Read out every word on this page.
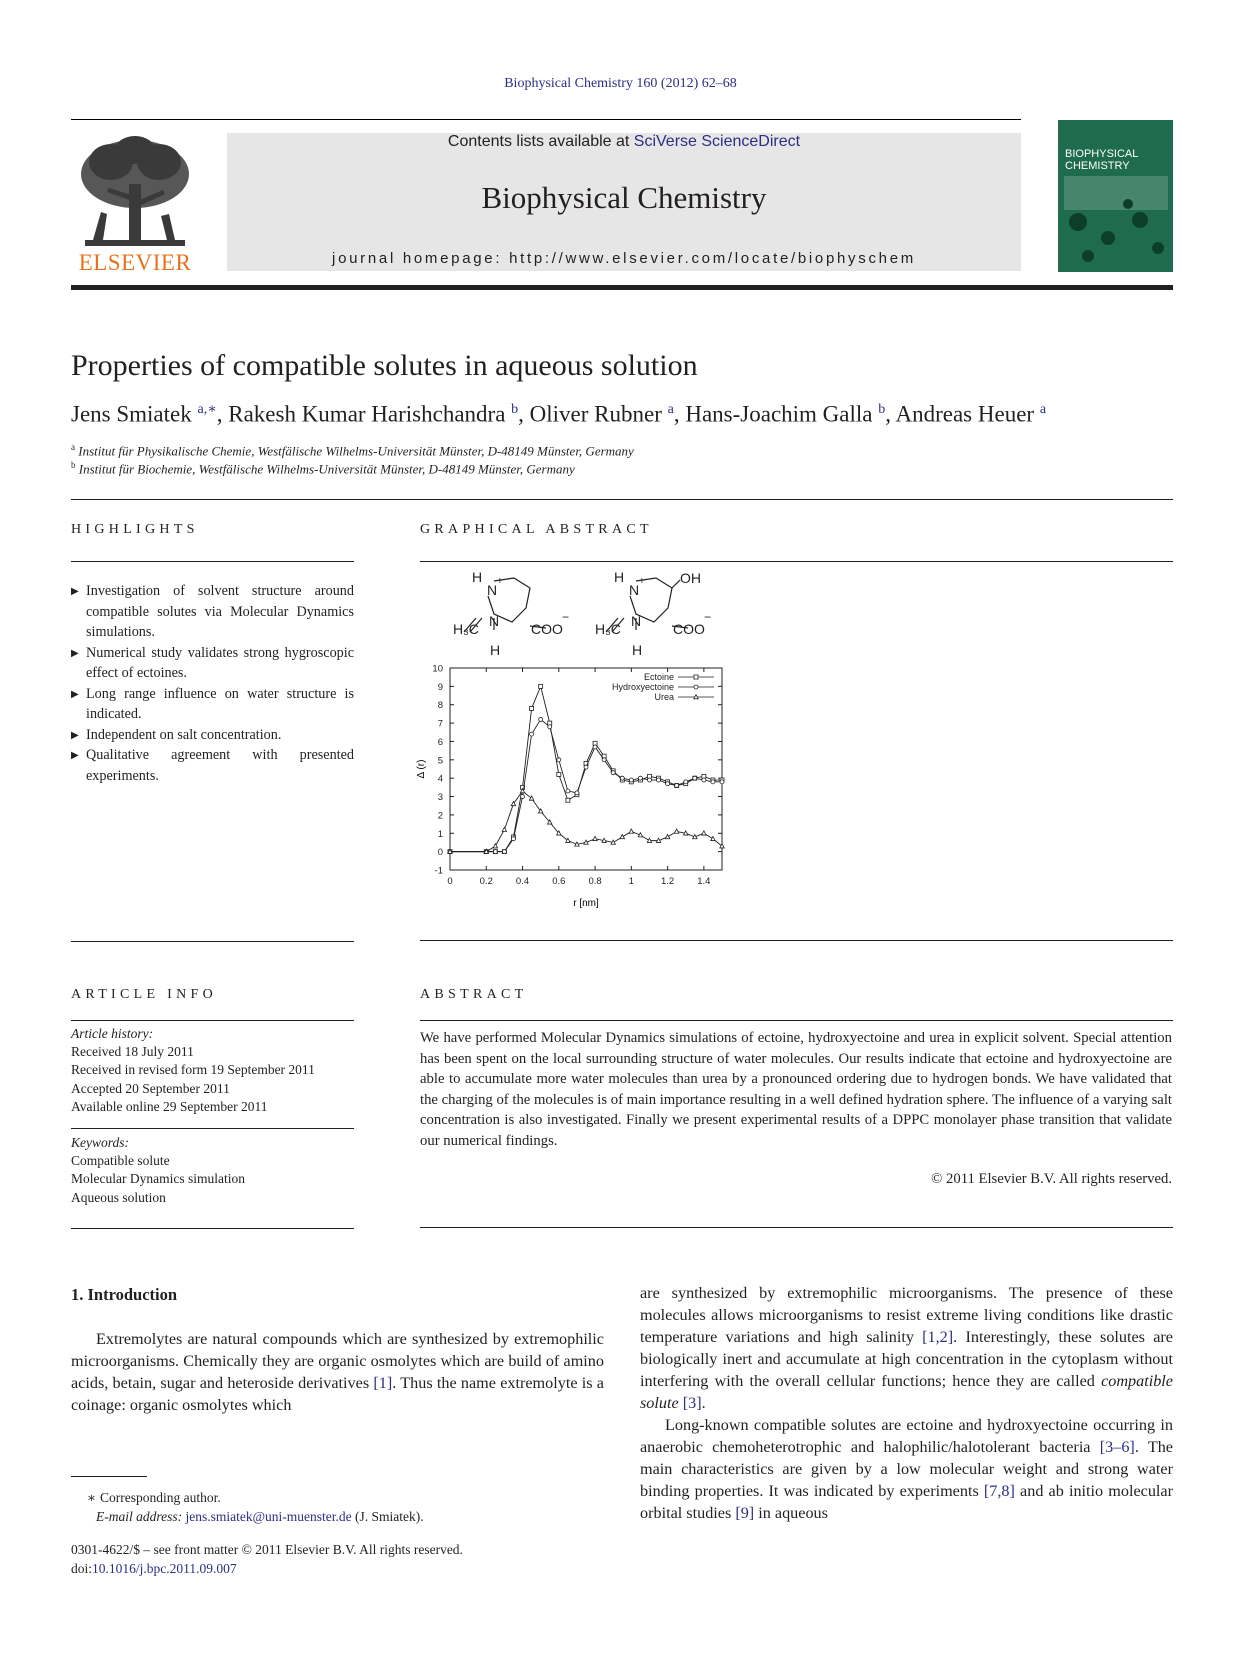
Biophysical Chemistry 160 (2012) 62–68
ELSEVIER
Contents lists available at SciVerse ScienceDirect
Biophysical Chemistry
journal homepage: http://www.elsevier.com/locate/biophyschem
BIOPHYSICAL CHEMISTRY
Properties of compatible solutes in aqueous solution
Jens Smiatek $^{a,∗}$, Rakesh Kumar Harishchandra $^b$, Oliver Rubner $^a$, Hans-Joachim Galla $^b$, Andreas Heuer $^a$
$^a$ Institut für Physikalische Chemie, Westfälische Wilhelms-Universität Münster, D-48149 Münster, Germany
$^b$ Institut für Biochemie, Westfälische Wilhelms-Universität Münster, D-48149 Münster, Germany
HIGHLIGHTS
▶ Investigation of solvent structure around compatible solutes via Molecular Dynamics simulations.
▶ Numerical study validates strong hygroscopic effect of ectoines.
▶ Long range influence on water structure is indicated.
▶ Independent on salt concentration.
▶ Qualitative agreement with presented experiments.
GRAPHICAL ABSTRACT
H
N
+
H₃C N COO
−
H
H
N
+	OH
H₃C N COO
−
H
-1
0
1
2
3
4
5
6
7
8
9
10
0	0.2 0.4 0.6 0.8	1	1.2 1.4
Ectoine
Hydroxyectoine
Urea
r [nm]
Δ (r)
ARTICLE INFO
Article history:
Received 18 July 2011
Received in revised form 19 September 2011
Accepted 20 September 2011
Available online 29 September 2011
Keywords:
Compatible solute
Molecular Dynamics simulation
Aqueous solution
ABSTRACT
We have performed Molecular Dynamics simulations of ectoine, hydroxyectoine and urea in explicit solvent. Special attention has been spent on the local surrounding structure of water molecules. Our results indicate that ectoine and hydroxyectoine are able to accumulate more water molecules than urea by a pronounced ordering due to hydrogen bonds. We have validated that the charging of the molecules is of main importance resulting in a well defined hydration sphere. The influence of a varying salt concentration is also investigated. Finally we present experimental results of a DPPC monolayer phase transition that validate our numerical findings.
© 2011 Elsevier B.V. All rights reserved.
1. Introduction
Extremolytes are natural compounds which are synthesized by extremophilic microorganisms. Chemically they are organic osmolytes which are build of amino acids, betain, sugar and heteroside derivatives [1]. Thus the name extremolyte is a coinage: organic osmolytes which
are synthesized by extremophilic microorganisms. The presence of these molecules allows microorganisms to resist extreme living conditions like drastic temperature variations and high salinity [1,2]. Interestingly, these solutes are biologically inert and accumulate at high concentration in the cytoplasm without interfering with the overall cellular functions; hence they are called compatible solute [3].
Long-known compatible solutes are ectoine and hydroxyectoine occurring in anaerobic chemoheterotrophic and halophilic/halotolerant bacteria [3–6]. The main characteristics are given by a low molecular weight and strong water binding properties. It was indicated by experiments [7,8] and ab initio molecular orbital studies [9] in aqueous
∗ Corresponding author.
E-mail address: jens.smiatek@uni-muenster.de (J. Smiatek).
0301-4622/$ – see front matter © 2011 Elsevier B.V. All rights reserved.
doi:10.1016/j.bpc.2011.09.007
